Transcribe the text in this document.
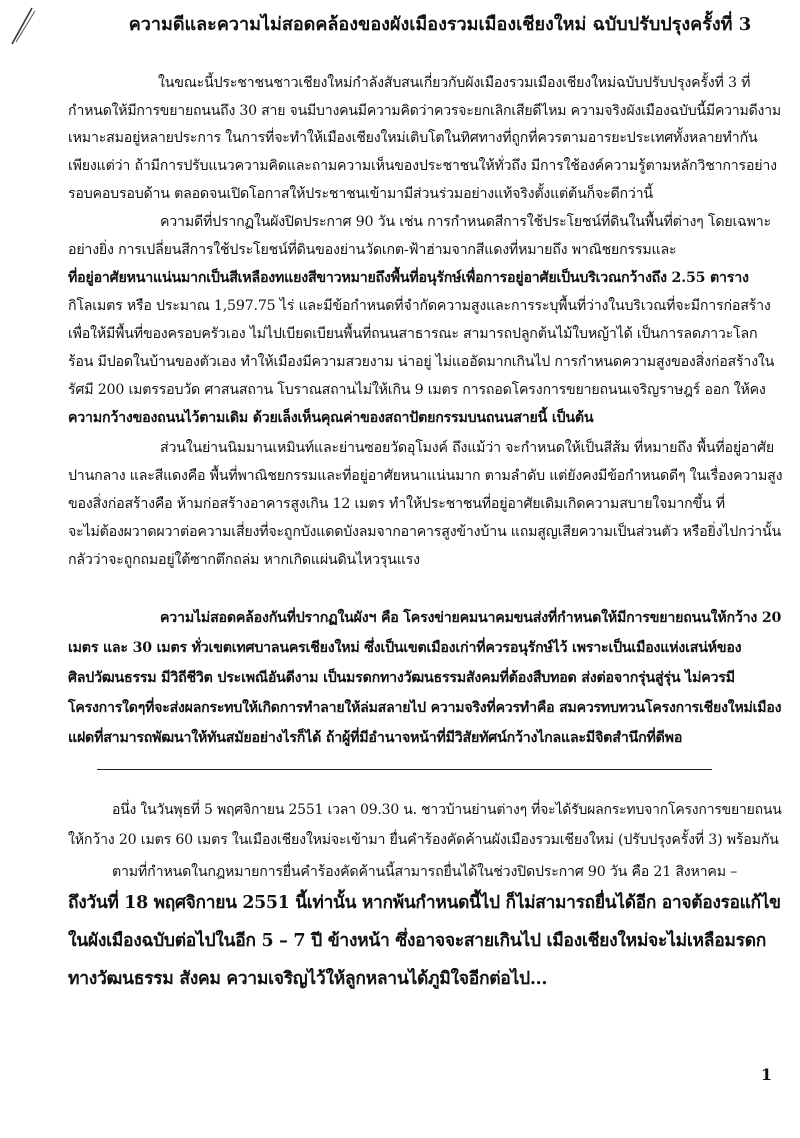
ความดีและความไม่สอดคล้องของผังเมืองรวมเมืองเชียงใหม่ ฉบับปรับปรุงครั้งที่ 3
ในขณะนี้ประชาชนชาวเชียงใหม่กำลังสับสนเกี่ยวกับผังเมืองรวมเมืองเชียงใหม่ฉบับปรับปรุงครั้งที่ 3 ที่
กำหนดให้มีการขยายถนนถึง 30 สาย จนมีบางคนมีความคิดว่าควรจะยกเลิกเสียดีไหม ความจริงผังเมืองฉบับนี้มีความดีงาม
เหมาะสมอยู่หลายประการ ในการที่จะทำให้เมืองเชียงใหม่เติบโตในทิศทางที่ถูกที่ควรตามอารยะประเทศทั้งหลายทำกัน
เพียงแต่ว่า ถ้ามีการปรับแนวความคิดและถามความเห็นของประชาชนให้ทั่วถึง มีการใช้องค์ความรู้ตามหลักวิชาการอย่าง
รอบคอบรอบด้าน ตลอดจนเปิดโอกาสให้ประชาชนเข้ามามีส่วนร่วมอย่างแท้จริงตั้งแต่ต้นก็จะดีกว่านี้
ความดีที่ปรากฏในผังปิดประกาศ 90 วัน เช่น การกำหนดสีการใช้ประโยชน์ที่ดินในพื้นที่ต่างๆ โดยเฉพาะ
อย่างยิ่ง การเปลี่ยนสีการใช้ประโยชน์ที่ดินของย่านวัดเกต-ฟ้าฮ่ามจากสีแดงที่หมายถึง พาณิชยกรรมและ
ที่อยู่อาศัยหนาแน่นมากเป็นสีเหลืองทแยงสีขาวหมายถึงพื้นที่อนุรักษ์เพื่อการอยู่อาศัยเป็นบริเวณกว้างถึง 2.55 ตาราง
กิโลเมตร หรือ ประมาณ 1,597.75 ไร่ และมีข้อกำหนดที่จำกัดความสูงและการระบุพื้นที่ว่างในบริเวณที่จะมีการก่อสร้าง
เพื่อให้มีพื้นที่ของครอบครัวเอง ไม่ไปเบียดเบียนพื้นที่ถนนสาธารณะ สามารถปลูกต้นไม้ใบหญ้าได้ เป็นการลดภาวะโลก
ร้อน มีปอดในบ้านของตัวเอง ทำให้เมืองมีความสวยงาม น่าอยู่ ไม่แออัดมากเกินไป การกำหนดความสูงของสิ่งก่อสร้างใน
รัศมี 200 เมตรรอบวัด ศาสนสถาน โบราณสถานไม่ให้เกิน 9 เมตร การถอดโครงการขยายถนนเจริญราษฎร์ ออก ให้คง
ความกว้างของถนนไว้ตามเดิม ด้วยเล็งเห็นคุณค่าของสถาปัตยกรรมบนถนนสายนี้ เป็นต้น
ส่วนในย่านนิมมานเหมินท์และย่านซอยวัดอุโมงค์ ถึงแม้ว่า จะกำหนดให้เป็นสีส้ม ที่หมายถึง พื้นที่อยู่อาศัย
ปานกลาง และสีแดงคือ พื้นที่พาณิชยกรรมและที่อยู่อาศัยหนาแน่นมาก ตามลำดับ แต่ยังคงมีข้อกำหนดดีๆ ในเรื่องความสูง
ของสิ่งก่อสร้างคือ ห้ามก่อสร้างอาคารสูงเกิน 12 เมตร ทำให้ประชาชนที่อยู่อาศัยเดิมเกิดความสบายใจมากขึ้น ที่
จะไม่ต้องผวาดผวาต่อความเสี่ยงที่จะถูกบังแดดบังลมจากอาคารสูงข้างบ้าน แถมสูญเสียความเป็นส่วนตัว หรือยิ่งไปกว่านั้น
กลัวว่าจะถูกถมอยู่ใต้ซากตึกถล่ม หากเกิดแผ่นดินไหวรุนแรง
ความไม่สอดคล้องกันที่ปรากฏในผังฯ คือ โครงข่ายคมนาคมขนส่งที่กำหนดให้มีการขยายถนนให้กว้าง 20
เมตร และ 30 เมตร ทั่วเขตเทศบาลนครเชียงใหม่ ซึ่งเป็นเขตเมืองเก่าที่ควรอนุรักษ์ไว้ เพราะเป็นเมืองแห่งเสน่ห์ของ
ศิลปวัฒนธรรม มีวิถีชีวิต ประเพณีอันดีงาม เป็นมรดกทางวัฒนธรรมสังคมที่ต้องสืบทอด ส่งต่อจากรุ่นสู่รุ่น ไม่ควรมี
โครงการใดๆที่จะส่งผลกระทบให้เกิดการทำลายให้ล่มสลายไป ความจริงที่ควรทำคือ สมควรทบทวนโครงการเชียงใหม่เมือง
แฝดที่สามารถพัฒนาให้ทันสมัยอย่างไรก็ได้ ถ้าผู้ที่มีอำนาจหน้าที่มีวิสัยทัศน์กว้างไกลและมีจิตสำนึกที่ดีพอ
อนึ่ง ในวันพุธที่ 5 พฤศจิกายน 2551 เวลา 09.30 น. ชาวบ้านย่านต่างๆ ที่จะได้รับผลกระทบจากโครงการขยายถนน
ให้กว้าง 20 เมตร 60 เมตร ในเมืองเชียงใหม่จะเข้ามา ยื่นคำร้องคัดค้านผังเมืองรวมเชียงใหม่ (ปรับปรุงครั้งที่ 3) พร้อมกัน
ตามที่กำหนดในกฎหมายการยื่นคำร้องคัดค้านนี้สามารถยื่นได้ในช่วงปิดประกาศ 90 วัน คือ 21 สิงหาคม –
ถึงวันที่ 18 พฤศจิกายน 2551 นี้เท่านั้น หากพ้นกำหนดนี้ไป ก็ไม่สามารถยื่นได้อีก อาจต้องรอแก้ไข
ในผังเมืองฉบับต่อไปในอีก 5 – 7 ปี ข้างหน้า ซึ่งอาจจะสายเกินไป เมืองเชียงใหม่จะไม่เหลือมรดก
ทางวัฒนธรรม สังคม ความเจริญไว้ให้ลูกหลานได้ภูมิใจอีกต่อไป...
1
